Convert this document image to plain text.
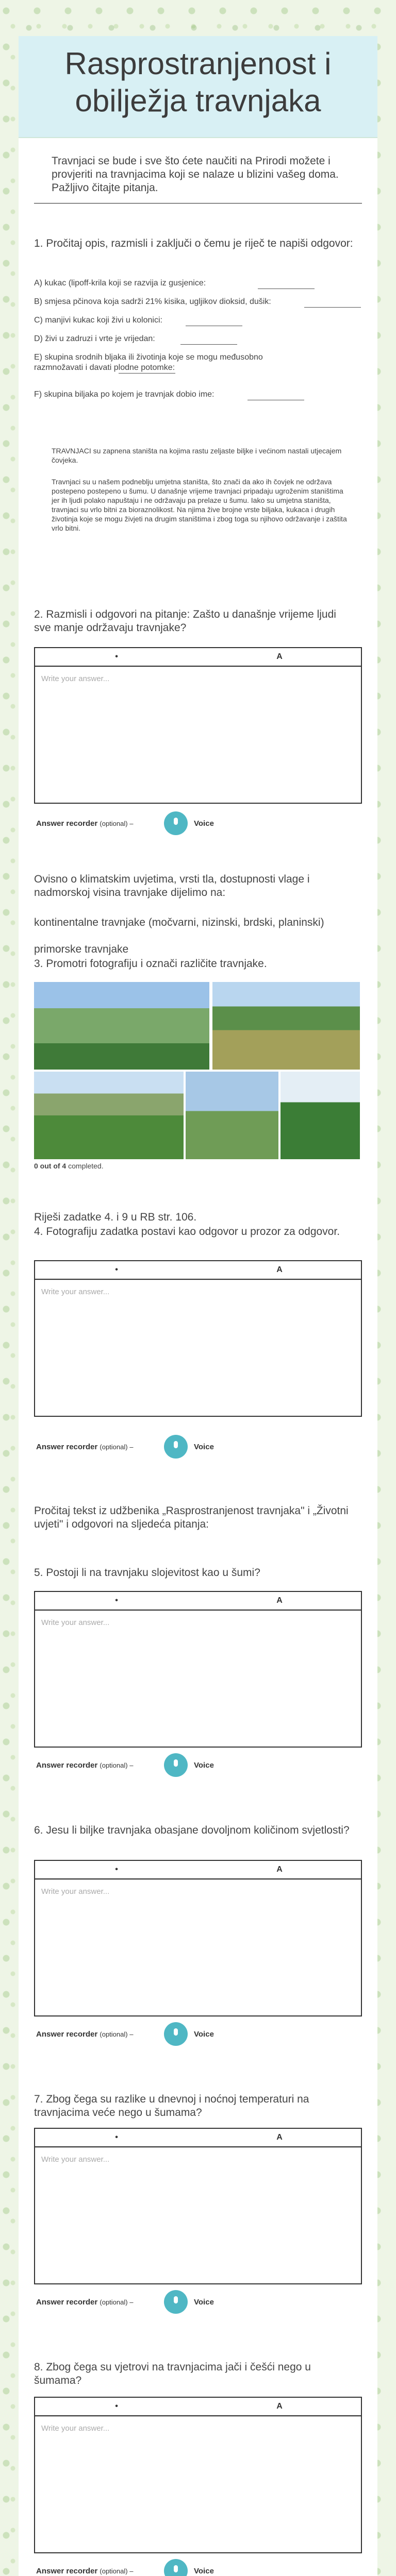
Rasprostranjenost i obilježja travnjaka
Travnjaci se bude i sve što ćete naučiti na Prirodi možete i provjeriti na travnjacima koji se nalaze u blizini vašeg doma. Pažljivo čitajte pitanja.
1. Pročitaj opis, razmisli i zaključi o čemu je riječ te napiši odgovor:
A) kukac (lipoff-krila koji se razvija iz gusjenice:
B) smjesa pčinova koja sadrži 21% kisika, ugljikov dioksid, dušik:
C) manjivi kukac koji živi u kolonici:
D) živi u zadruzi i vrte je vrijedan:
E) skupina srodnih bljaka ili životinja koje se mogu međusobno razmnožavati i davati plodne potomke:
F) skupina biljaka po kojem je travnjak dobio ime:
TRAVNJACI su zapnena staništa na kojima rastu zeljaste biljke i većinom nastali utjecajem čovjeka.
Travnjaci su u našem podneblju umjetna staništa, što znači da ako ih čovjek ne održava postepeno postepeno u šumu. U današnje vrijeme travnjaci pripadaju ugroženim staništima jer ih ljudi polako napuštaju i ne održavaju pa prelaze u šumu. Iako su umjetna staništa, travnjaci su vrlo bitni za bioraznolikost. Na njima žive brojne vrste biljaka, kukaca i drugih životinja koje se mogu živjeti na drugim staništima i zbog toga su njihovo održavanje i zaštita vrlo bitni.
2. Razmisli i odgovori na pitanje: Zašto u današnje vrijeme ljudi sve manje održavaju travnjake?
•	A
Write your answer...
Answer recorder (optional) –	Voice
Ovisno o klimatskim uvjetima, vrsti tla, dostupnosti vlage i nadmorskoj visina travnjake dijelimo na:
kontinentalne travnjake (močvarni, nizinski, brdski, planinski)
primorske travnjake
3. Promotri fotografiju i označi različite travnjake.
0 out of 4 completed.
Riješi zadatke 4. i 9 u RB str. 106.
4. Fotografiju zadatka postavi kao odgovor u prozor za odgovor.
•	A
Write your answer...
Answer recorder (optional) –	Voice
Pročitaj tekst iz udžbenika „Rasprostranjenost travnjaka" i „Životni uvjeti" i odgovori na sljedeća pitanja:
5. Postoji li na travnjaku slojevitost kao u šumi?
•	A
Write your answer...
Answer recorder (optional) –	Voice
6. Jesu li biljke travnjaka obasjane dovoljnom količinom svjetlosti?
•	A
Write your answer...
Answer recorder (optional) –	Voice
7. Zbog čega su razlike u dnevnoj i noćnoj temperaturi na travnjacima veće nego u šumama?
•	A
Write your answer...
Answer recorder (optional) –	Voice
8. Zbog čega su vjetrovi na travnjacima jači i češći nego u šumama?
•	A
Write your answer...
Answer recorder (optional) –	Voice
